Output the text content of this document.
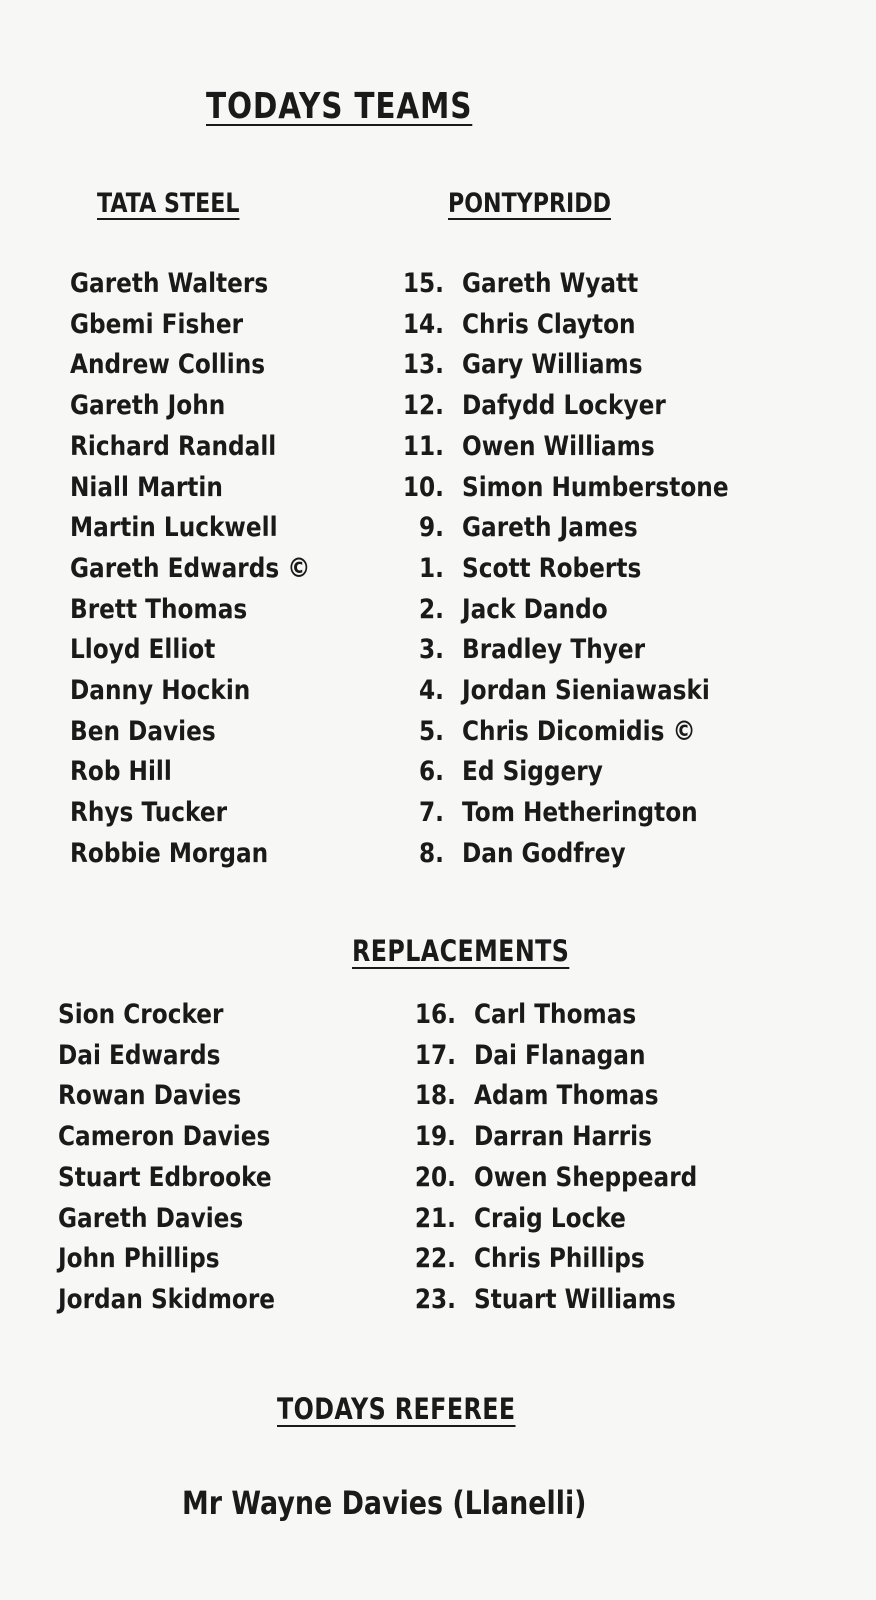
TODAYS TEAMS
TATA STEEL	PONTYPRIDD
Gareth Walters	15. Gareth Wyatt
Gbemi Fisher	14. Chris Clayton
Andrew Collins	13. Gary Williams
Gareth John	12. Dafydd Lockyer
Richard Randall	11. Owen Williams
Niall Martin	10. Simon Humberstone
Martin Luckwell	9. Gareth James
Gareth Edwards ©	1. Scott Roberts
Brett Thomas	2. Jack Dando
Lloyd Elliot	3. Bradley Thyer
Danny Hockin	4. Jordan Sieniawaski
Ben Davies	5. Chris Dicomidis ©
Rob Hill	6. Ed Siggery
Rhys Tucker	7. Tom Hetherington
Robbie Morgan	8. Dan Godfrey
REPLACEMENTS
Sion Crocker	16. Carl Thomas
Dai Edwards	17. Dai Flanagan
Rowan Davies	18. Adam Thomas
Cameron Davies	19. Darran Harris
Stuart Edbrooke	20. Owen Sheppeard
Gareth Davies	21. Craig Locke
John Phillips	22. Chris Phillips
Jordan Skidmore	23. Stuart Williams
TODAYS REFEREE
Mr Wayne Davies (Llanelli)
